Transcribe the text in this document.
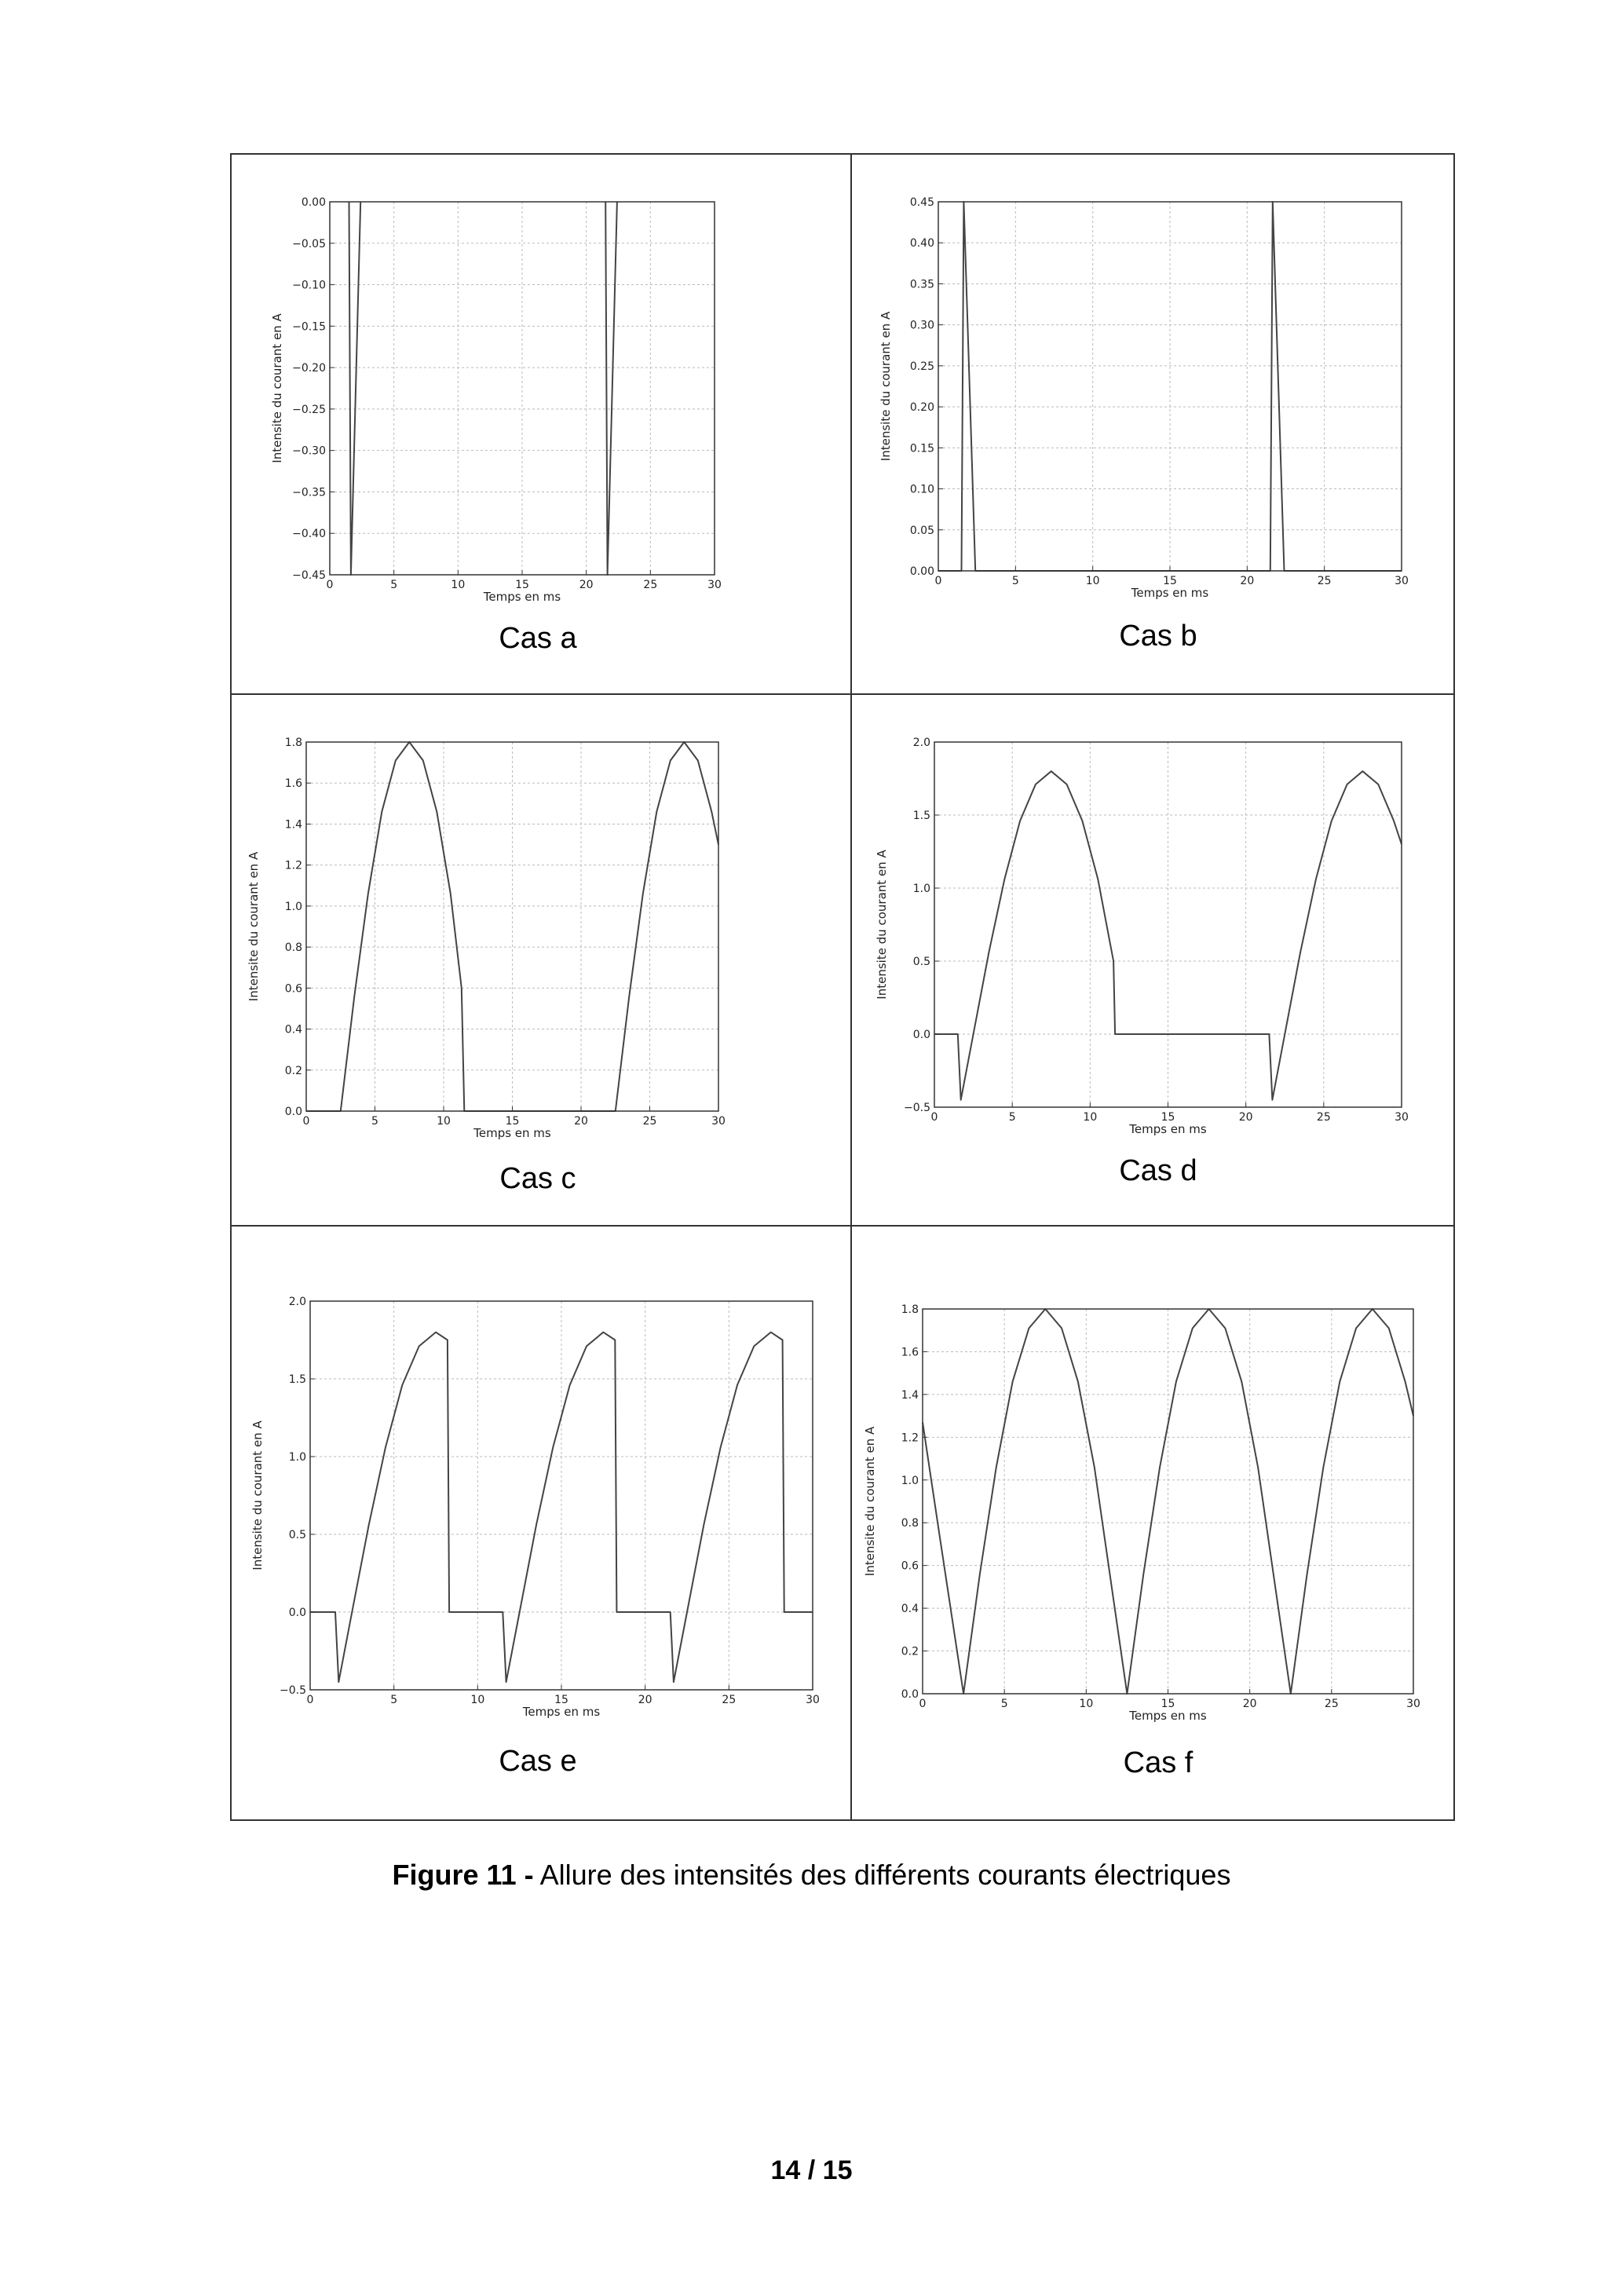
0	5	10	15	20	25	30
0.00
−0.05
−0.10
−0.15
−0.20
−0.25
−0.30
−0.35
−0.40
−0.45
Temps en ms
Intensite du courant en A
Cas a
0	5	10	15	20	25	30
0.00
0.05
0.10
0.15
0.20
0.25
0.30
0.35
0.40
0.45
Temps en ms
Intensite du courant en A
Cas b
0	5	10	15	20	25	30
0.0
0.2
0.4
0.6
0.8
1.0
1.2
1.4
1.6
1.8
Temps en ms
Intensite du courant en A
Cas c
0	5	10	15	20	25	30
−0.5
0.0
0.5
1.0
1.5
2.0
Temps en ms
Intensite du courant en A
Cas d
0	5	10	15	20	25	30
−0.5
0.0
0.5
1.0
1.5
2.0
Temps en ms
Intensite du courant en A
Cas e
0	5	10	15	20	25	30
0.0
0.2
0.4
0.6
0.8
1.0
1.2
1.4
1.6
1.8
Temps en ms
Intensite du courant en A
Cas f
Figure 11 - Allure des intensités des différents courants électriques
14 / 15
